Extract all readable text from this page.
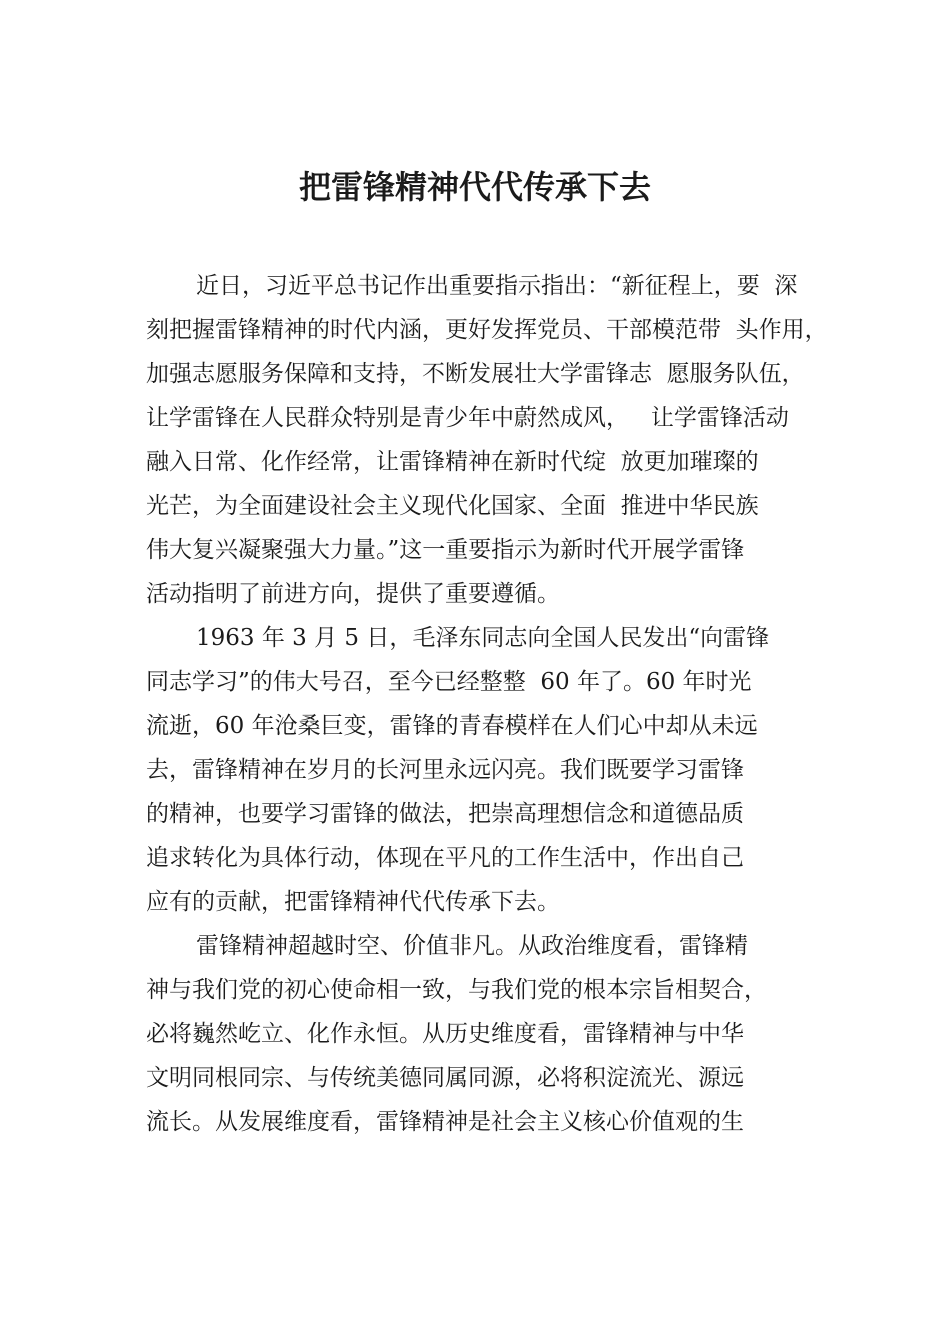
把雷锋精神代代传承下去
近日，习近平总书记作出重要指示指出：“新征程上，要  深
刻把握雷锋精神的时代内涵，更好发挥党员、干部模范带  头作用，
加强志愿服务保障和支持，不断发展壮大学雷锋志  愿服务队伍，
让学雷锋在人民群众特别是青少年中蔚然成风，   让学雷锋活动
融入日常、化作经常，让雷锋精神在新时代绽  放更加璀璨的
光芒，为全面建设社会主义现代化国家、全面  推进中华民族
伟大复兴凝聚强大力量。”这一重要指示为新时代开展学雷锋
活动指明了前进方向，提供了重要遵循。
1963 年 3 月 5 日，毛泽东同志向全国人民发出“向雷锋
同志学习”的伟大号召，至今已经整整  60 年了。60 年时光
流逝，60 年沧桑巨变，雷锋的青春模样在人们心中却从未远
去，雷锋精神在岁月的长河里永远闪亮。我们既要学习雷锋
的精神，也要学习雷锋的做法，把崇高理想信念和道德品质
追求转化为具体行动，体现在平凡的工作生活中，作出自己
应有的贡献，把雷锋精神代代传承下去。
雷锋精神超越时空、价值非凡。从政治维度看，雷锋精
神与我们党的初心使命相一致，与我们党的根本宗旨相契合，
必将巍然屹立、化作永恒。从历史维度看，雷锋精神与中华
文明同根同宗、与传统美德同属同源，必将积淀流光、源远
流长。从发展维度看，雷锋精神是社会主义核心价值观的生
